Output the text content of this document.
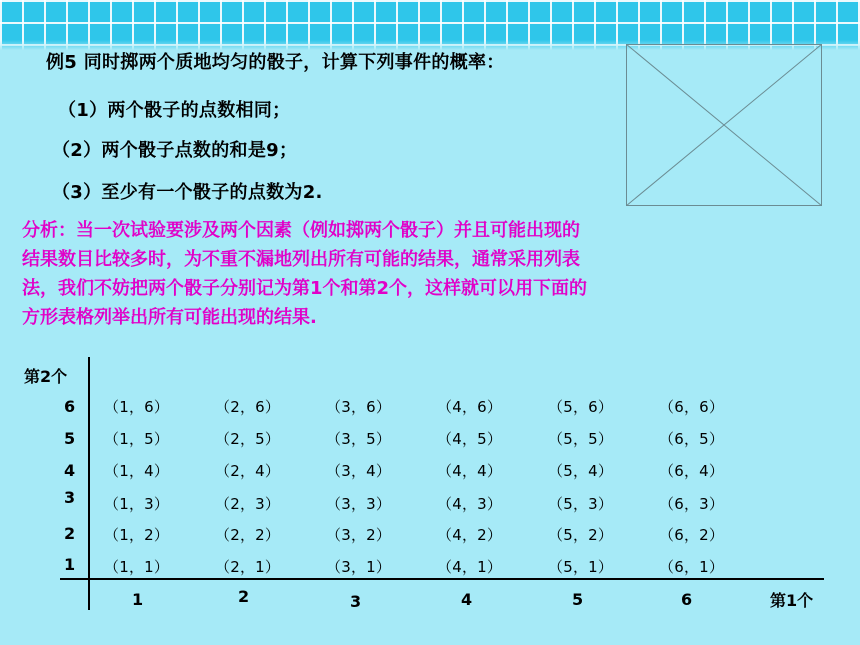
例5 同时掷两个质地均匀的骰子，计算下列事件的概率：
（1）两个骰子的点数相同；
（2）两个骰子点数的和是9；
（3）至少有一个骰子的点数为2.
分析：当一次试验要涉及两个因素（例如掷两个骰子）并且可能出现的
结果数目比较多时，为不重不漏地列出所有可能的结果，通常采用列表
法，我们不妨把两个骰子分别记为第1个和第2个，这样就可以用下面的
方形表格列举出所有可能出现的结果.
第2个
第1个
6
5
4
3
2
1
（1，6）	（2，6）	（3，6）	（4，6）	（5，6）	（6，6）
（1，5）	（2，5）	（3，5）	（4，5）	（5，5）	（6，5）
（1，4）	（2，4）	（3，4）	（4，4）	（5，4）	（6，4）
（1，3）	（2，3）	（3，3）	（4，3）	（5，3）	（6，3）
（1，2）	（2，2）	（3，2）	（4，2）	（5，2）	（6，2）
（1，1）	（2，1）	（3，1）	（4，1）	（5，1）	（6，1）
1	2	3	4	5	6
